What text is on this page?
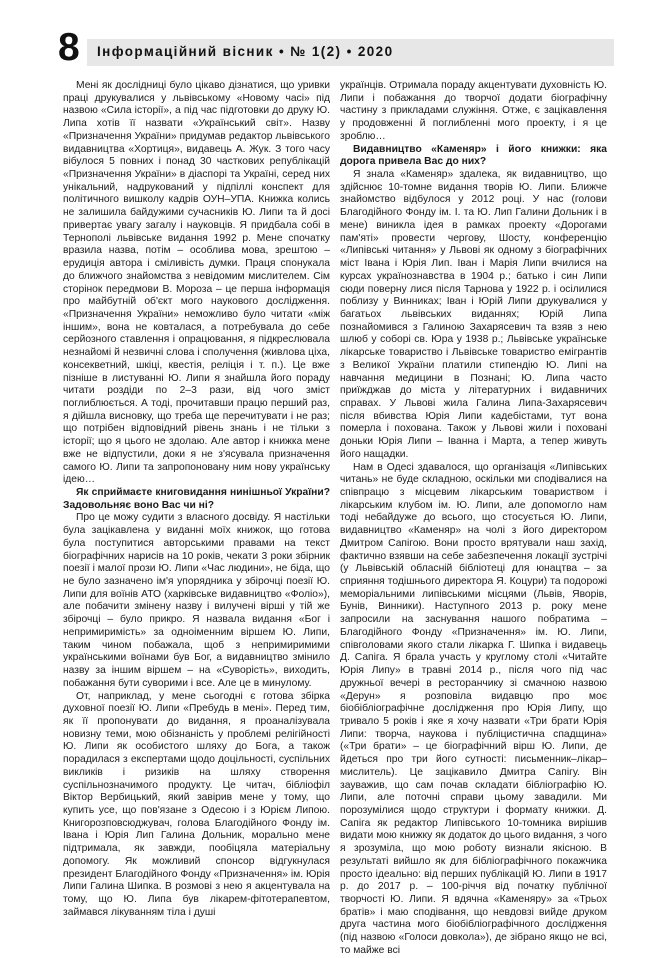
8 Інформаційний вісник • № 1(2) • 2020

Мені як дослідниці було цікаво дізнатися, що уривки праці друкувалися у львівському «Новому часі» під назвою «Сила історії», а під час підготовки до друку Ю. Липа хотів її назвати «Український світ». Назву «Призначення України» придумав редактор львівського видавництва «Хортиця», видавець А. Жук. З того часу вібулося 5 повних і понад 30 часткових републікацій «Призначення України» в діаспорі та Україні, серед них унікальний, надрукований у підпіллі конспект для політичного вишколу кадрів ОУН–УПА. Книжка колись не залишила байдужими сучасників Ю. Липи та й досі привертає увагу загалу і науковців. Я придбала собі в Тернополі львівське видання 1992 р. Мене спочатку вразила назва, потім – особлива мова, зрештою – ерудиція автора і сміливість думки. Праця спонукала до ближчого знайомства з невідомим мислителем. Сім сторінок передмови В. Мороза – це перша інформація про майбутній об'єкт мого наукового дослідження. «Призначення України» неможливо було читати «між іншим», вона не ковталася, а потребувала до себе серйозного ставлення і опрацювання, я підкреслювала незнайомі й незвичні слова і сполучення (живлова ціха, консекветний, шкіці, квестія, реліція і т. п.). Це вже пізніше в листуванні Ю. Липи я знайшла його пораду читати роздіди по 2–3 рази, від чого зміст поглиблюється. А тоді, прочитавши працю перший раз, я дійшла висновку, що треба ще перечитувати і не раз; що потрібен відповідний рівень знань і не тільки з історії; що я цього не здолаю. Але автор і книжка мене вже не відпустили, доки я не з'ясувала призначення самого Ю. Липи та запропоновану ним нову українську ідею…

Як сприймаєте книговидання нинішньої України? Задовольняє воно Вас чи ні?

Про це можу судити з власного досвіду. Я настільки була зацікавлена у виданні моїх книжок, що готова була поступитися авторськими правами на текст біографічних нарисів на 10 років, чекати 3 роки збірник поезії і малої прози Ю. Липи «Час людини», не біда, що не було зазначено ім'я упорядника у збірочці поезії Ю. Липи для воїнів АТО (харківське видавництво «Фоліо»), але побачити змінену назву і вилучені вірші у тій же збірочці – було прикро. Я назвала видання «Бог і непримиримість» за одноіменним віршем Ю. Липи, таким чином побажала, щоб з непримиримими українськими воїнами був Бог, а видавництво змінило назву за іншим віршем – на «Суворість», виходить, побажання бути суворими і все. Але це в минулому.

От, наприклад, у мене сьогодні є готова збірка духовної поезії Ю. Липи «Пребудь в мені». Перед тим, як її пропонувати до видання, я проаналізувала новизну теми, мою обізнаність у проблемі релігійності Ю. Липи як особистого шляху до Бога, а також порадилася з експертами щодо доцільності, суспільних викликів і ризиків на шляху створення суспільнозначимого продукту. Це читач, бібліофіл Віктор Вербицький, який завірив мене у тому, що купить усе, що пов'язане з Одесою і з Юрієм Липою. Книгорозповсюджувач, голова Благодійного Фонду ім. Івана і Юрія Лип Галина Дольник, морально мене підтримала, як завжди, пообіцяла матеріальну допомогу. Як можливий спонсор відгукнулася президент Благодійного Фонду «Призначення» ім. Юрія Липи Галина Шипка. В розмові з нею я акцентувала на тому, що Ю. Липа був лікарем-фітотерапевтом, займався лікуванням тіла і душі

українців. Отримала пораду акцентувати духовність Ю. Липи і побажання до творчої додати біографічну частину з прикладами служіння. Отже, є зацікавлення у продовженні й поглибленні мого проекту, і я це зроблю…

Видавництво «Каменяр» і його книжки: яка дорога привела Вас до них?

Я знала «Каменяр» здалека, як видавництво, що здійснює 10-томне видання творів Ю. Липи. Ближче знайомство відбулося у 2012 році. У нас (голови Благодійного Фонду ім. І. та Ю. Лип Галини Дольник і в мене) виникла ідея в рамках проекту «Дорогами пам'яті» провести чергову, Шосту, конференцію «Липівські читання» у Львові як одному з біографічних міст Івана і Юрія Лип. Іван і Марія Липи вчилися на курсах українознавства в 1904 р.; батько і син Липи сюди поверну лися після Тарнова у 1922 р. і осілилися поблизу у Винниках; Іван і Юрій Липи друкувалися у багатьох львівських виданнях; Юрій Липа познайомився з Галиною Захарясевич та взяв з нею шлюб у соборі св. Юра у 1938 р.; Львівське українське лікарське товариство і Львівське товариство емігрантів з Великої України платили стипендію Ю. Липі на навчання медицини в Познані; Ю. Липа часто приїжджав до міста у літературних і видавничих справах. У Львові жила Галина Липа-Захарясевич після вбивства Юрія Липи кадебістами, тут вона померла і похована. Також у Львові жили і поховані доньки Юрія Липи – Іванна і Марта, а тепер живуть його нащадки.

Нам в Одесі здавалося, що організація «Липівських читань» не буде складною, оскільки ми сподівалися на співпрацю з місцевим лікарським товариством і лікарським клубом ім. Ю. Липи, але допомогло нам тоді небайдуже до всього, що стосується Ю. Липи, видавництво «Каменяр» на чолі з його директором Дмитром Сапігою. Вони просто врятували наш захід, фактично взявши на себе забезпечення локації зустрічі (у Львівській обласній бібліотеці для юнацтва – за сприяння тодішнього директора Я. Коцури) та подорожі меморіальними липівськими місцями (Львів, Яворів, Бунів, Винники). Наступного 2013 р. року мене запросили на заснування нашого побратима – Благодійного Фонду «Призначення» ім. Ю. Липи, співголовами якого стали лікарка Г. Шипка і видавець Д. Сапіга. Я брала участь у круглому столі «Читайте Юрія Липу» в травні 2014 р., після чого під час дружньої вечері в ресторанчику зі смачною назвою «Дерун» я розповіла видавцю про моє біобібліографічне дослідження про Юрія Липу, що тривало 5 років і яке я хочу назвати «Три брати Юрія Липи: творча, наукова і публіцистична спадщина» («Три брати» – це біографічний вірш Ю. Липи, де йдеться про три його сутності: письменник–лікар–мислитель). Це зацікавило Дмитра Сапігу. Він зауважив, що сам почав складати бібліографію Ю. Липи, але поточні справи цьому завадили. Ми порозумілися щодо структури і формату книжки. Д. Сапіга як редактор Липівського 10-томника вирішив видати мою книжку як додаток до цього видання, з чого я зрозуміла, що мою роботу визнали якісною. В результаті вийшло як для бібліографічного покажчика просто ідеально: від перших публікацій Ю. Липи в 1917 р. до 2017 р. – 100-річчя від початку публічної творчості Ю. Липи. Я вдячна «Каменяру» за «Трьох братів» і маю сподівання, що невдовзі вийде друком друга частина мого біобібліографічного дослідження (під назвою «Голоси довкола»), де зібрано якщо не всі, то майже всі
